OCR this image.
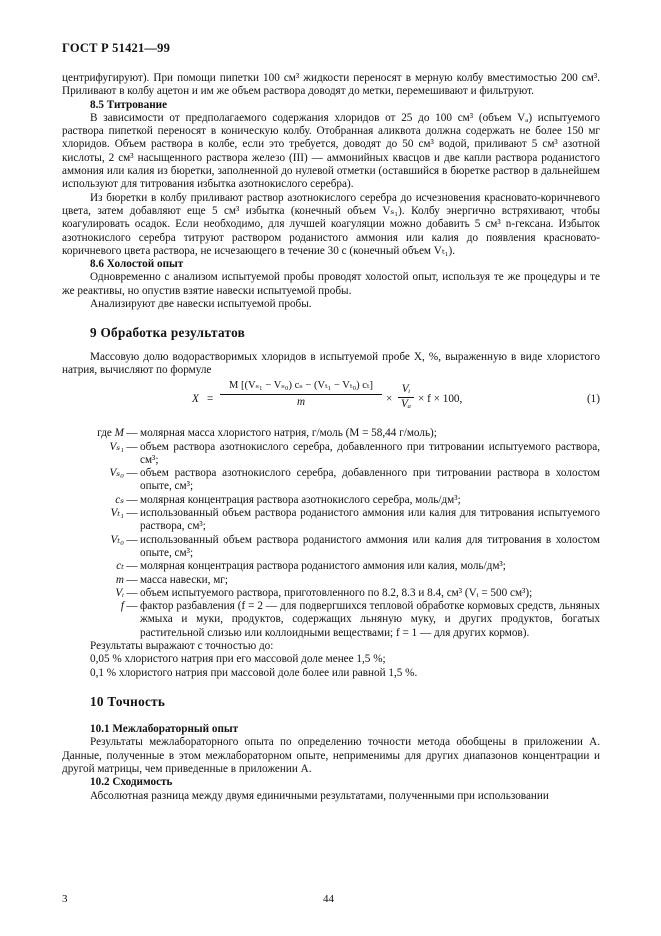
ГОСТ Р 51421—99

центрифугируют). При помощи пипетки 100 см³ жидкости переносят в мерную колбу вместимостью 200 см³. Приливают в колбу ацетон и им же объем раствора доводят до метки, перемешивают и фильтруют.

8.5 Титрование

В зависимости от предполагаемого содержания хлоридов от 25 до 100 см³ (объем Vₐ) испытуемого раствора пипеткой переносят в коническую колбу. Отобранная аликвота должна содержать не более 150 мг хлоридов. Объем раствора в колбе, если это требуется, доводят до 50 см³ водой, приливают 5 см³ азотной кислоты, 2 см³ насыщенного раствора железо (III) — аммонийных квасцов и две капли раствора роданистого аммония или калия из бюретки, заполненной до нулевой отметки (оставшийся в бюретке раствор в дальнейшем используют для титрования избытка азотнокислого серебра).

Из бюретки в колбу приливают раствор азотнокислого серебра до исчезновения красновато-коричневого цвета, затем добавляют еще 5 см³ избытка (конечный объем Vₛ₁). Колбу энергично встряхивают, чтобы коагулировать осадок. Если необходимо, для лучшей коагуляции можно добавить 5 см³ n-гексана. Избыток азотнокислого серебра титруют раствором роданистого аммония или калия до появления красновато-коричневого цвета раствора, не исчезающего в течение 30 с (конечный объем Vₜ₁).

8.6 Холостой опыт

Одновременно с анализом испытуемой пробы проводят холостой опыт, используя те же процедуры и те же реактивы, но опустив взятие навески испытуемой пробы.

Анализируют две навески испытуемой пробы.

9 Обработка результатов

Массовую долю водорастворимых хлоридов в испытуемой пробе X, %, выраженную в виде хлористого натрия, вычисляют по формуле

$X = \frac{\text{M [(Vₛ₁ − Vₛ₀) cₛ − (Vₜ₁ − Vₜ₀) cₜ]}}{m} \times \frac{\text{Vᵢ}}{\text{Vₐ}} \times f \times 100$,	(1)
где M — молярная масса хлористого натрия, г/моль (M = 58,44 г/моль);
Vₛ₁ — объем раствора азотнокислого серебра, добавленного при титровании испытуемого раствора, см³;
Vₛ₀ — объем раствора азотнокислого серебра, добавленного при титровании раствора в холостом опыте, см³;
cₛ — молярная концентрация раствора азотнокислого серебра, моль/дм³;
Vₜ₁ — использованный объем раствора роданистого аммония или калия для титрования испытуемого раствора, см³;
Vₜ₀ — использованный объем раствора роданистого аммония или калия для титрования в холостом опыте, см³;
cₜ — молярная концентрация раствора роданистого аммония или калия, моль/дм³;
m — масса навески, мг;
Vᵢ — объем испытуемого раствора, приготовленного по 8.2, 8.3 и 8.4, см³ (Vᵢ = 500 см³);
f — фактор разбавления (f = 2 — для подвергшихся тепловой обработке кормовых средств, льняных жмыха и муки, продуктов, содержащих льняную муку, и других продуктов, богатых растительной слизью или коллоидными веществами; f = 1 — для других кормов).

Результаты выражают с точностью до:

0,05 % хлористого натрия при его массовой доле менее 1,5 %;

0,1 % хлористого натрия при массовой доле более или равной 1,5 %.

10 Точность

10.1 Межлабораторный опыт

Результаты межлабораторного опыта по определению точности метода обобщены в приложении А. Данные, полученные в этом межлабораторном опыте, неприменимы для других диапазонов концентрации и другой матрицы, чем приведенные в приложении А.

10.2 Сходимость

Абсолютная разница между двумя единичными результатами, полученными при использовании

3	44
